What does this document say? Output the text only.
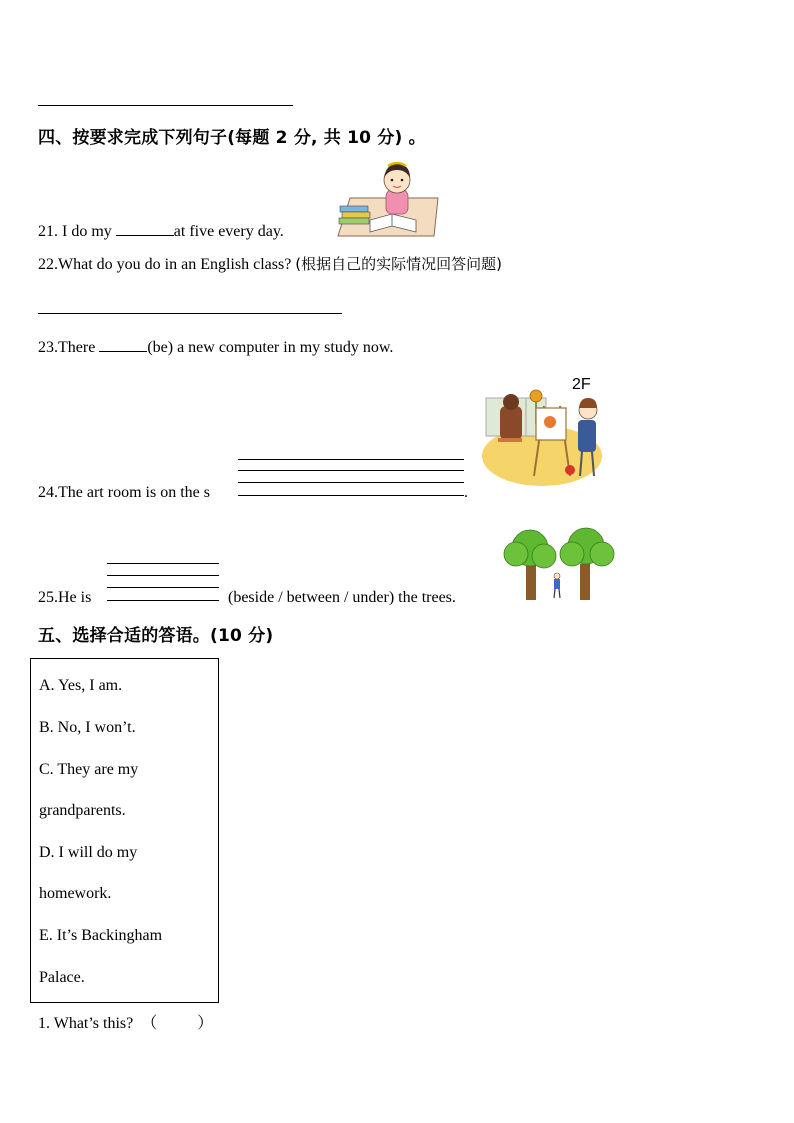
四、按要求完成下列句子(每题 2 分, 共 10 分) 。
21. I do my	at five every day.
22.What do you do in an English class? (根据自己的实际情况回答问题)
23.There	(be) a new computer in my study now.
2F
24.The art room is on the s	.
25.He is	(beside / between / under) the trees.
五、选择合适的答语。(10 分)
A. Yes, I am.
B. No, I won’t.
C. They are my
grandparents.
D. I will do my
homework.
E. It’s Backingham
Palace.
1. What’s this?  （          ）
